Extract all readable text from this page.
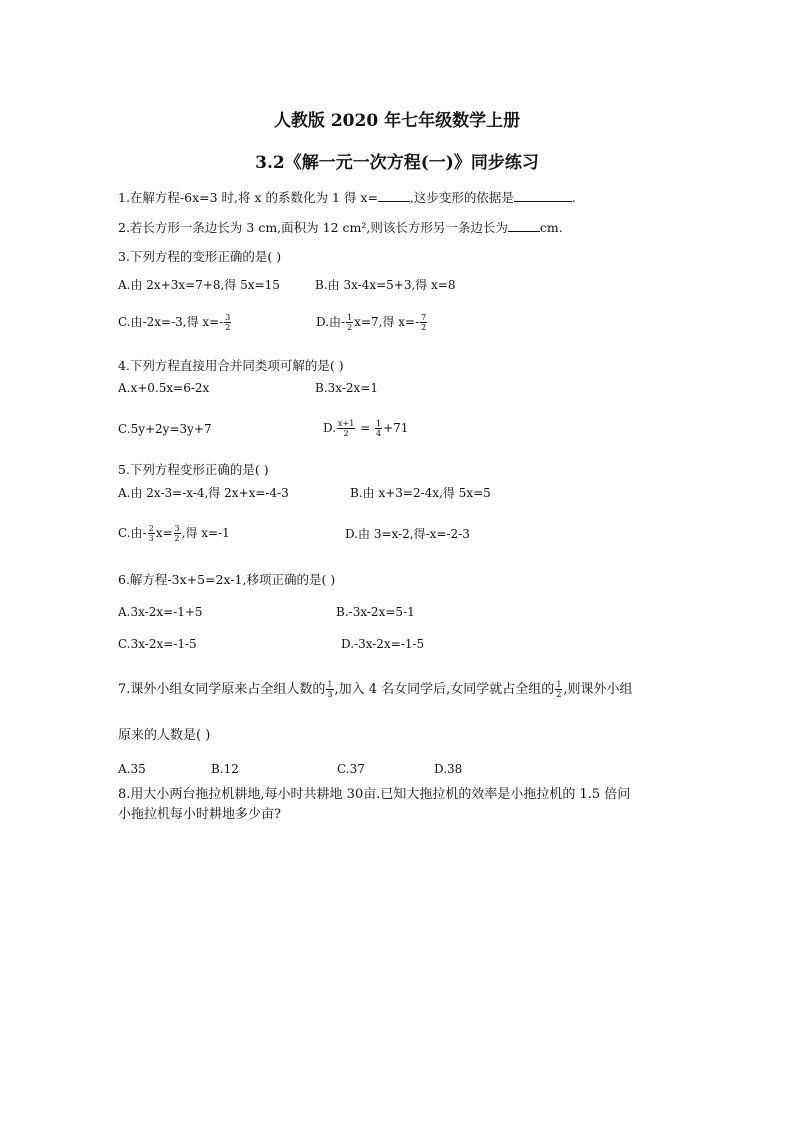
人教版 2020 年七年级数学上册
3.2《解一元一次方程(一)》同步练习
1.在解方程-6x=3 时,将 x 的系数化为 1 得 x=	,这步变形的依据是	.
2.若长方形一条边长为 3 cm,面积为 12 cm²,则该长方形另一条边长为	cm.
3.下列方程的变形正确的是( )
A.由 2x+3x=7+8,得 5x=15	B.由 3x-4x=5+3,得 x=8
C.由-2x=-3,得 $x=- \frac{3}{2}$	D.由- $\frac{1}{2} x=7$,得 $x=- \frac{7}{2}$
4.下列方程直接用合并同类项可解的是( )
A.x+0.5x=6-2x	B.3x-2x=1
C.5y+2y=3y+7	D. $\frac{x+1}{2} = \frac{1}{4} +71$
5.下列方程变形正确的是( )
A.由 2x-3=-x-4,得 2x+x=-4-3	B.由 x+3=2-4x,得 5x=5
C.由- $\frac{2}{3} x= \frac{3}{2}$ ,得 x=-1	D.由 3=x-2,得-x=-2-3
6.解方程-3x+5=2x-1,移项正确的是( )
A.3x-2x=-1+5	B.-3x-2x=5-1
C.3x-2x=-1-5	D.-3x-2x=-1-5
7.课外小组女同学原来占全组人数的 $\frac{1}{3}$ ,加入 4 名女同学后,女同学就占全组的 $\frac{1}{2}$ ,则课外小组
原来的人数是( )
A.35	B.12	C.37	D.38
8.用大小两台拖拉机耕地,每小时共耕地 30亩.已知大拖拉机的效率是小拖拉机的 1.5 倍问
小拖拉机每小时耕地多少亩?
